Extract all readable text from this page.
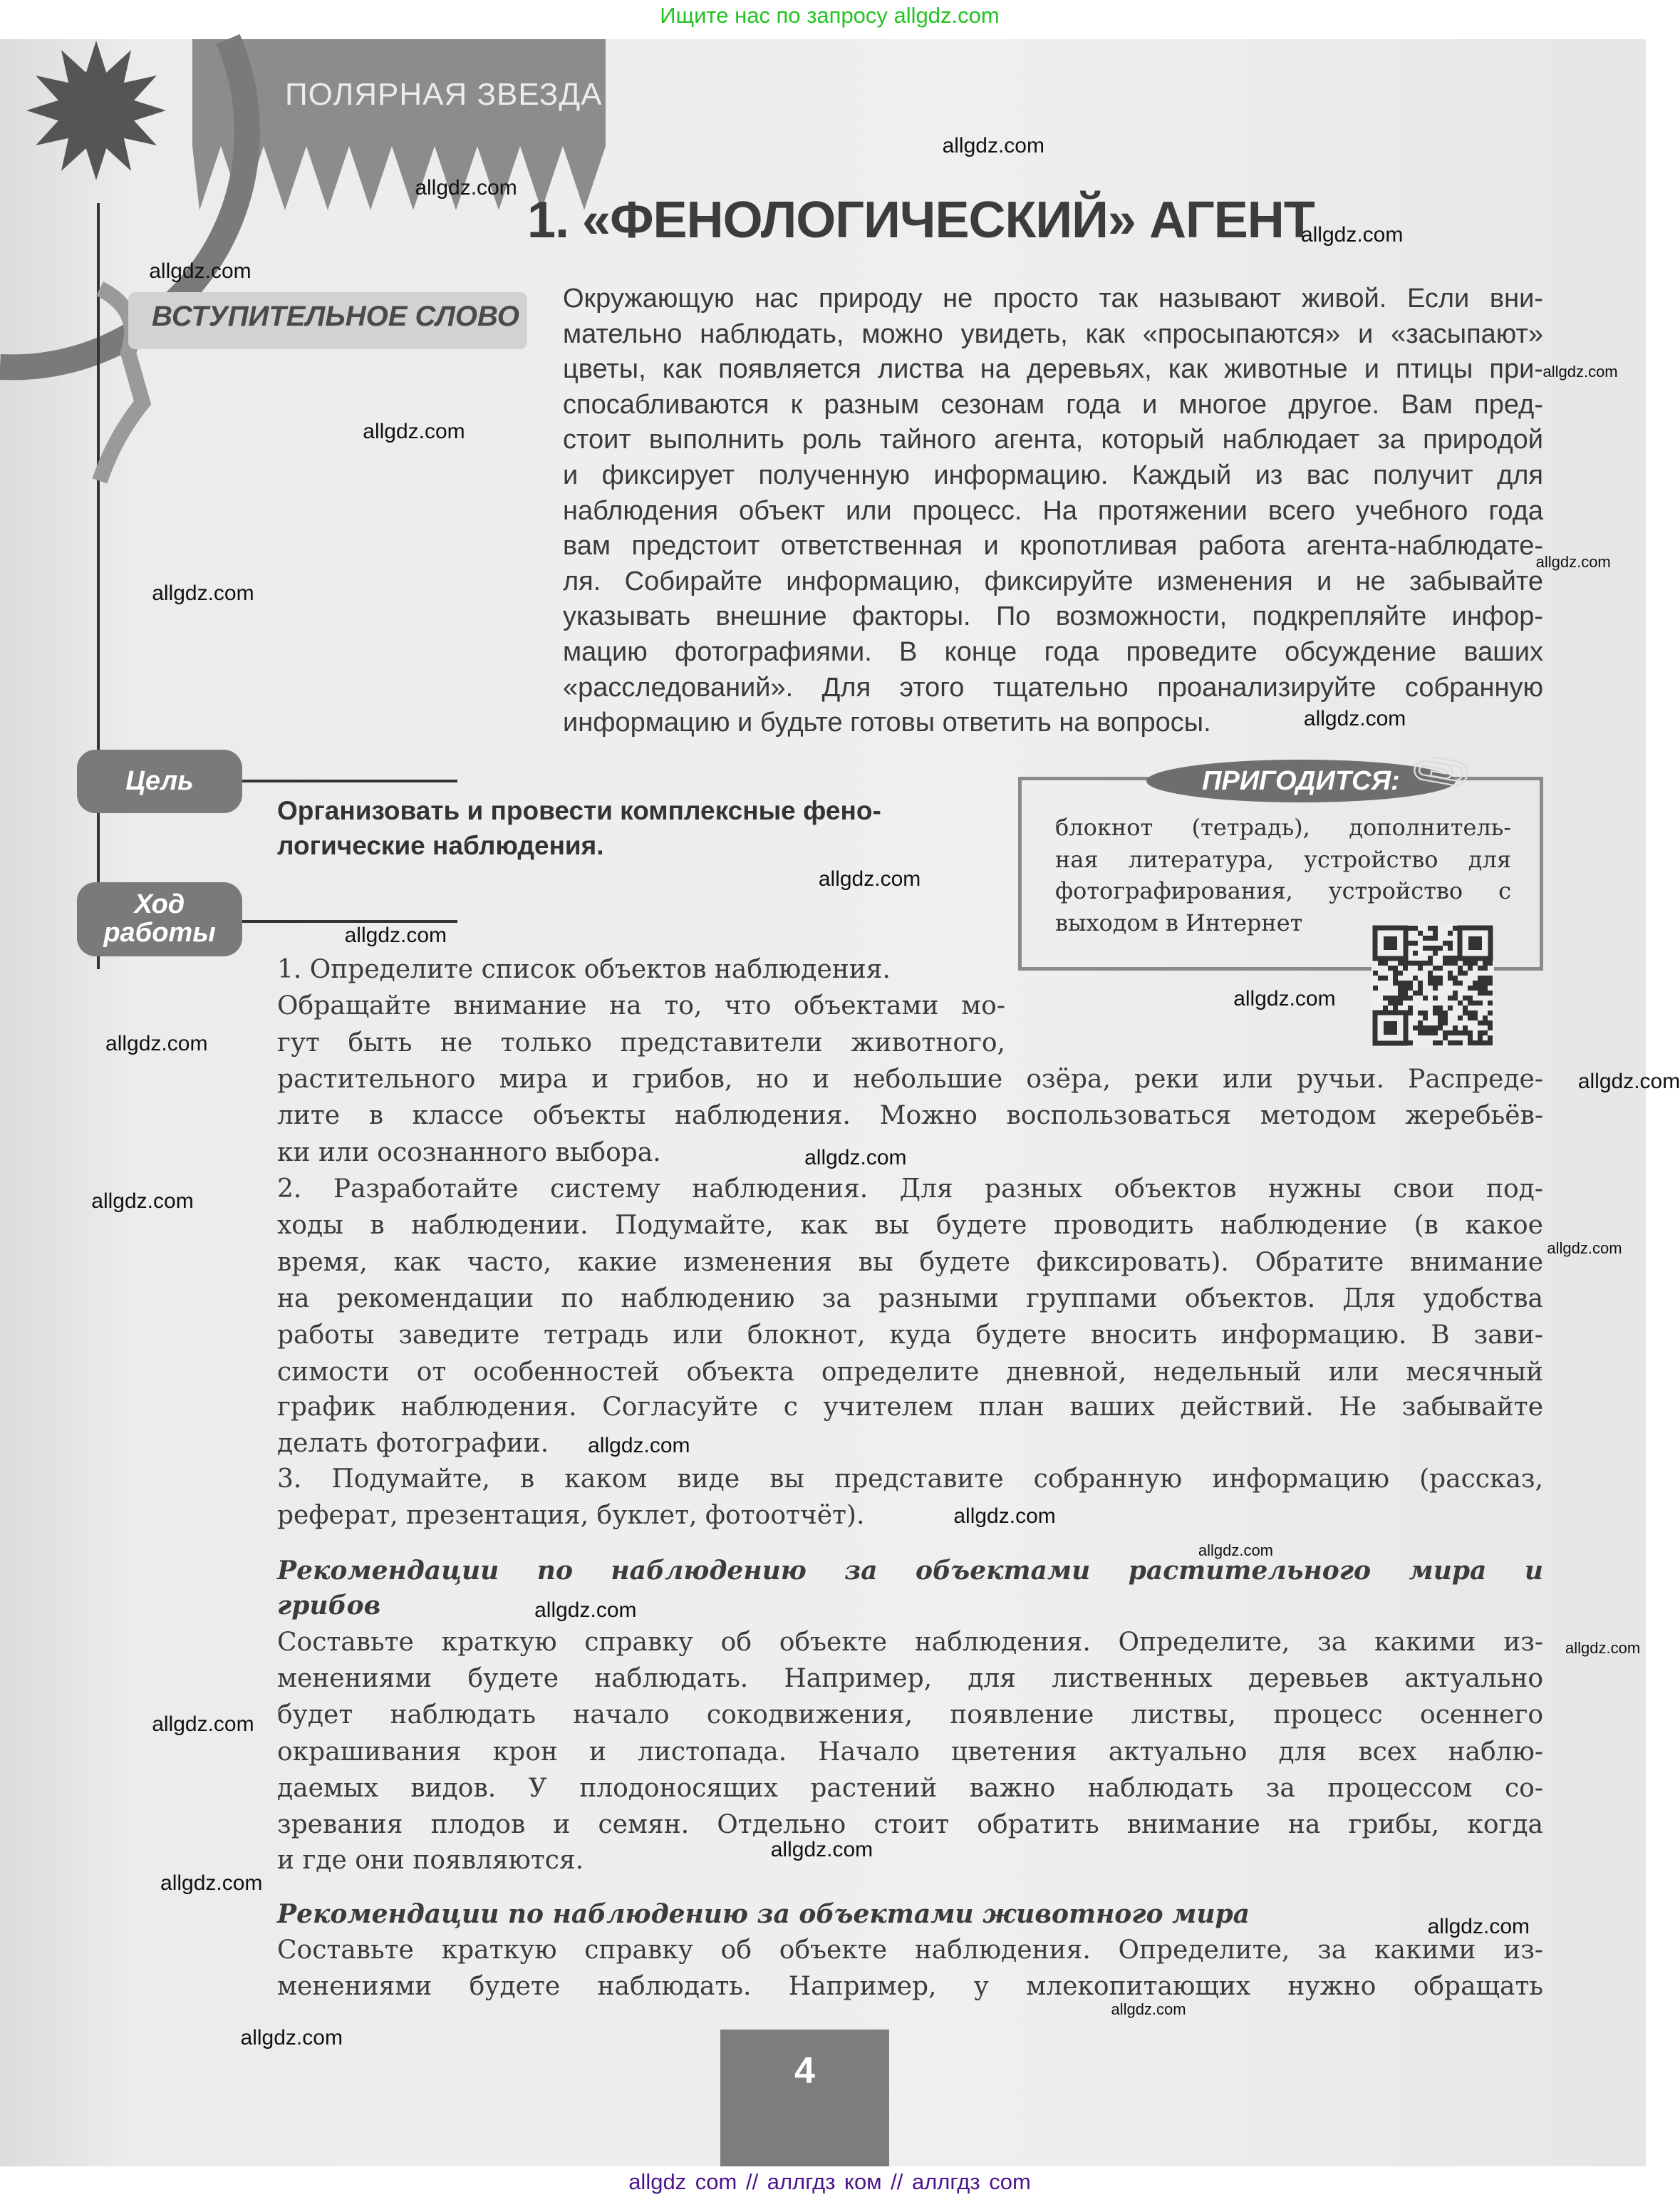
Ищите нас по запросу allgdz.com
ПОЛЯРНАЯ ЗВЕЗДА
1. «ФЕНОЛОГИЧЕСКИЙ» АГЕНТ
ВСТУПИТЕЛЬНОЕ СЛОВО
Окружающую нас природу не просто так называют живой. Если вни-
мательно наблюдать, можно увидеть, как «просыпаются» и «засыпают»
цветы, как появляется листва на деревьях, как животные и птицы при-
спосабливаются к разным сезонам года и многое другое. Вам пред-
стоит выполнить роль тайного агента, который наблюдает за природой
и фиксирует полученную информацию. Каждый из вас получит для
наблюдения объект или процесс. На протяжении всего учебного года
вам предстоит ответственная и кропотливая работа агента-наблюдате-
ля. Собирайте информацию, фиксируйте изменения и не забывайте
указывать внешние факторы. По возможности, подкрепляйте инфор-
мацию фотографиями. В конце года проведите обсуждение ваших
«расследований». Для этого тщательно проанализируйте собранную
информацию и будьте готовы ответить на вопросы.
Цель
Организовать и провести комплексные фено-
логические наблюдения.
Ход
работы
ПРИГОДИТСЯ: 📎︎
блокнот (тетрадь), дополнитель-
ная литература, устройство для
фотографирования, устройство с
выходом в Интернет
1. Определите список объектов наблюдения.
Обращайте внимание на то, что объектами мо-
гут быть не только представители животного,
растительного мира и грибов, но и небольшие озёра, реки или ручьи. Распреде-
лите в классе объекты наблюдения. Можно воспользоваться методом жеребьёв-
ки или осознанного выбора.
2. Разработайте систему наблюдения. Для разных объектов нужны свои под-
ходы в наблюдении. Подумайте, как вы будете проводить наблюдение (в какое
время, как часто, какие изменения вы будете фиксировать). Обратите внимание
на рекомендации по наблюдению за разными группами объектов. Для удобства
работы заведите тетрадь или блокнот, куда будете вносить информацию. В зави-
симости от особенностей объекта определите дневной, недельный или месячный
график наблюдения. Согласуйте с учителем план ваших действий. Не забывайте
делать фотографии.
3. Подумайте, в каком виде вы представите собранную информацию (рассказ,
реферат, презентация, буклет, фотоотчёт).
Рекомендации по наблюдению за объектами растительного мира и
грибов
Составьте краткую справку об объекте наблюдения. Определите, за какими из-
менениями будете наблюдать. Например, для лиственных деревьев актуально
будет наблюдать начало сокодвижения, появление листвы, процесс осеннего
окрашивания крон и листопада. Начало цветения актуально для всех наблю-
даемых видов. У плодоносящих растений важно наблюдать за процессом со-
зревания плодов и семян. Отдельно стоит обратить внимание на грибы, когда
и где они появляются.
Рекомендации по наблюдению за объектами животного мира
Составьте краткую справку об объекте наблюдения. Определите, за какими из-
менениями будете наблюдать. Например, у млекопитающих нужно обращать
4
allgdz com // аллгдз ком // аллгдз com
allgdz.com
allgdz.com
allgdz.com
allgdz.com
allgdz.com
allgdz.com
allgdz.com
allgdz.com
allgdz.com
allgdz.com
allgdz.com
allgdz.com
allgdz.com
allgdz.com
allgdz.com
allgdz.com
allgdz.com
allgdz.com
allgdz.com
allgdz.com
allgdz.com
allgdz.com
allgdz.com
allgdz.com
allgdz.com
allgdz.com
allgdz.com
allgdz.com
